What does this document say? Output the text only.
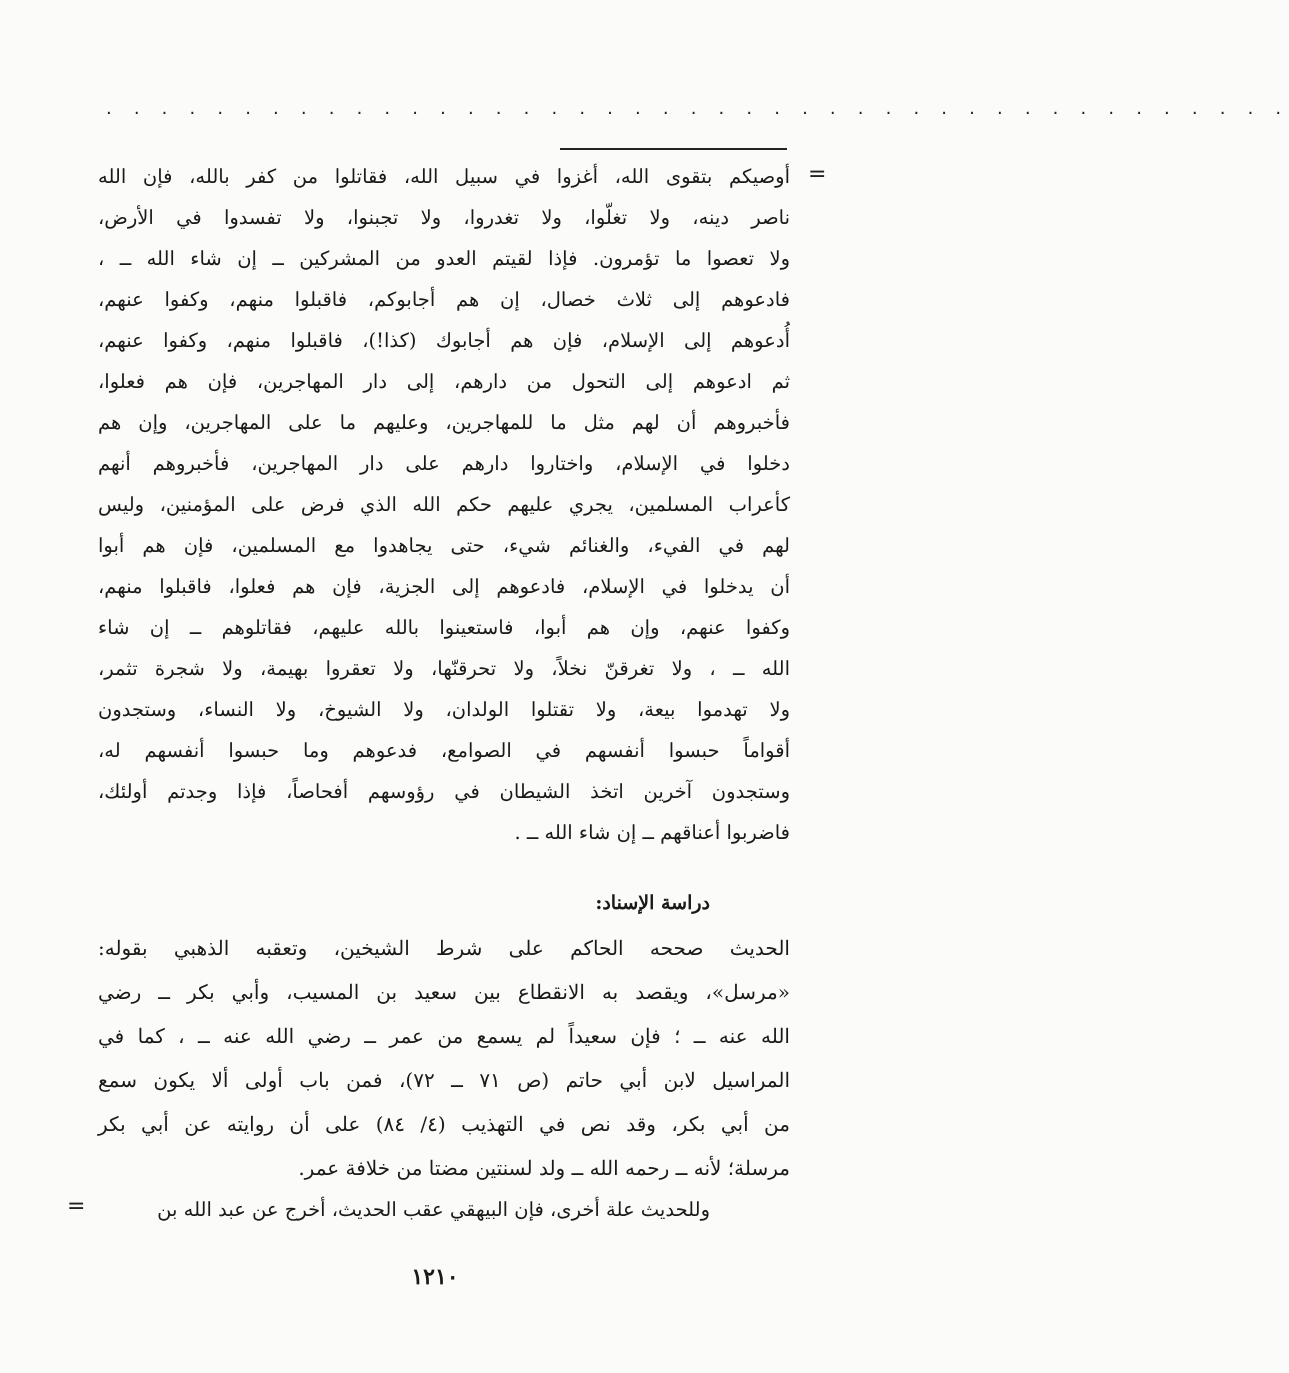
· · · · · · · · · · · · · · · · · · · · · · · · · · · · · · · · · · · · · · · · · · ·
=
أوصيكم بتقوى الله، أغزوا في سبيل الله، فقاتلوا من كفر بالله، فإن الله
ناصر دينه، ولا تغلّوا، ولا تغدروا، ولا تجبنوا، ولا تفسدوا في الأرض،
ولا تعصوا ما تؤمرون. فإذا لقيتم العدو من المشركين ــ إن شاء الله ــ ،
فادعوهم إلى ثلاث خصال، إن هم أجابوكم، فاقبلوا منهم، وكفوا عنهم،
أُدعوهم إلى الإسلام، فإن هم أجابوك (كذا!)، فاقبلوا منهم، وكفوا عنهم،
ثم ادعوهم إلى التحول من دارهم، إلى دار المهاجرين، فإن هم فعلوا،
فأخبروهم أن لهم مثل ما للمهاجرين، وعليهم ما على المهاجرين، وإن هم
دخلوا في الإسلام، واختاروا دارهم على دار المهاجرين، فأخبروهم أنهم
كأعراب المسلمين، يجري عليهم حكم الله الذي فرض على المؤمنين، وليس
لهم في الفيء، والغنائم شيء، حتى يجاهدوا مع المسلمين، فإن هم أبوا
أن يدخلوا في الإسلام، فادعوهم إلى الجزية، فإن هم فعلوا، فاقبلوا منهم،
وكفوا عنهم، وإن هم أبوا، فاستعينوا بالله عليهم، فقاتلوهم ــ إن شاء
الله ــ ، ولا تغرقنّ نخلاً، ولا تحرقنّها، ولا تعقروا بهيمة، ولا شجرة تثمر،
ولا تهدموا بيعة، ولا تقتلوا الولدان، ولا الشيوخ، ولا النساء، وستجدون
أقواماً حبسوا أنفسهم في الصوامع، فدعوهم وما حبسوا أنفسهم له،
وستجدون آخرين اتخذ الشيطان في رؤوسهم أفحاصاً، فإذا وجدتم أولئك،
فاضربوا أعناقهم ــ إن شاء الله ــ .
دراسة الإسناد:
الحديث صححه الحاكم على شرط الشيخين، وتعقبه الذهبي بقوله:
«مرسل»، ويقصد به الانقطاع بين سعيد بن المسيب، وأبي بكر ــ رضي
الله عنه ــ ؛ فإن سعيداً لم يسمع من عمر ــ رضي الله عنه ــ ، كما في
المراسيل لابن أبي حاتم (ص ٧١ ــ ٧٢)، فمن باب أولى ألا يكون سمع
من أبي بكر، وقد نص في التهذيب (٤/ ٨٤) على أن روايته عن أبي بكر
مرسلة؛ لأنه ــ رحمه الله ــ ولد لسنتين مضتا من خلافة عمر.
وللحديث علة أخرى، فإن البيهقي عقب الحديث، أخرج عن عبد الله بن
=
١٢١٠
